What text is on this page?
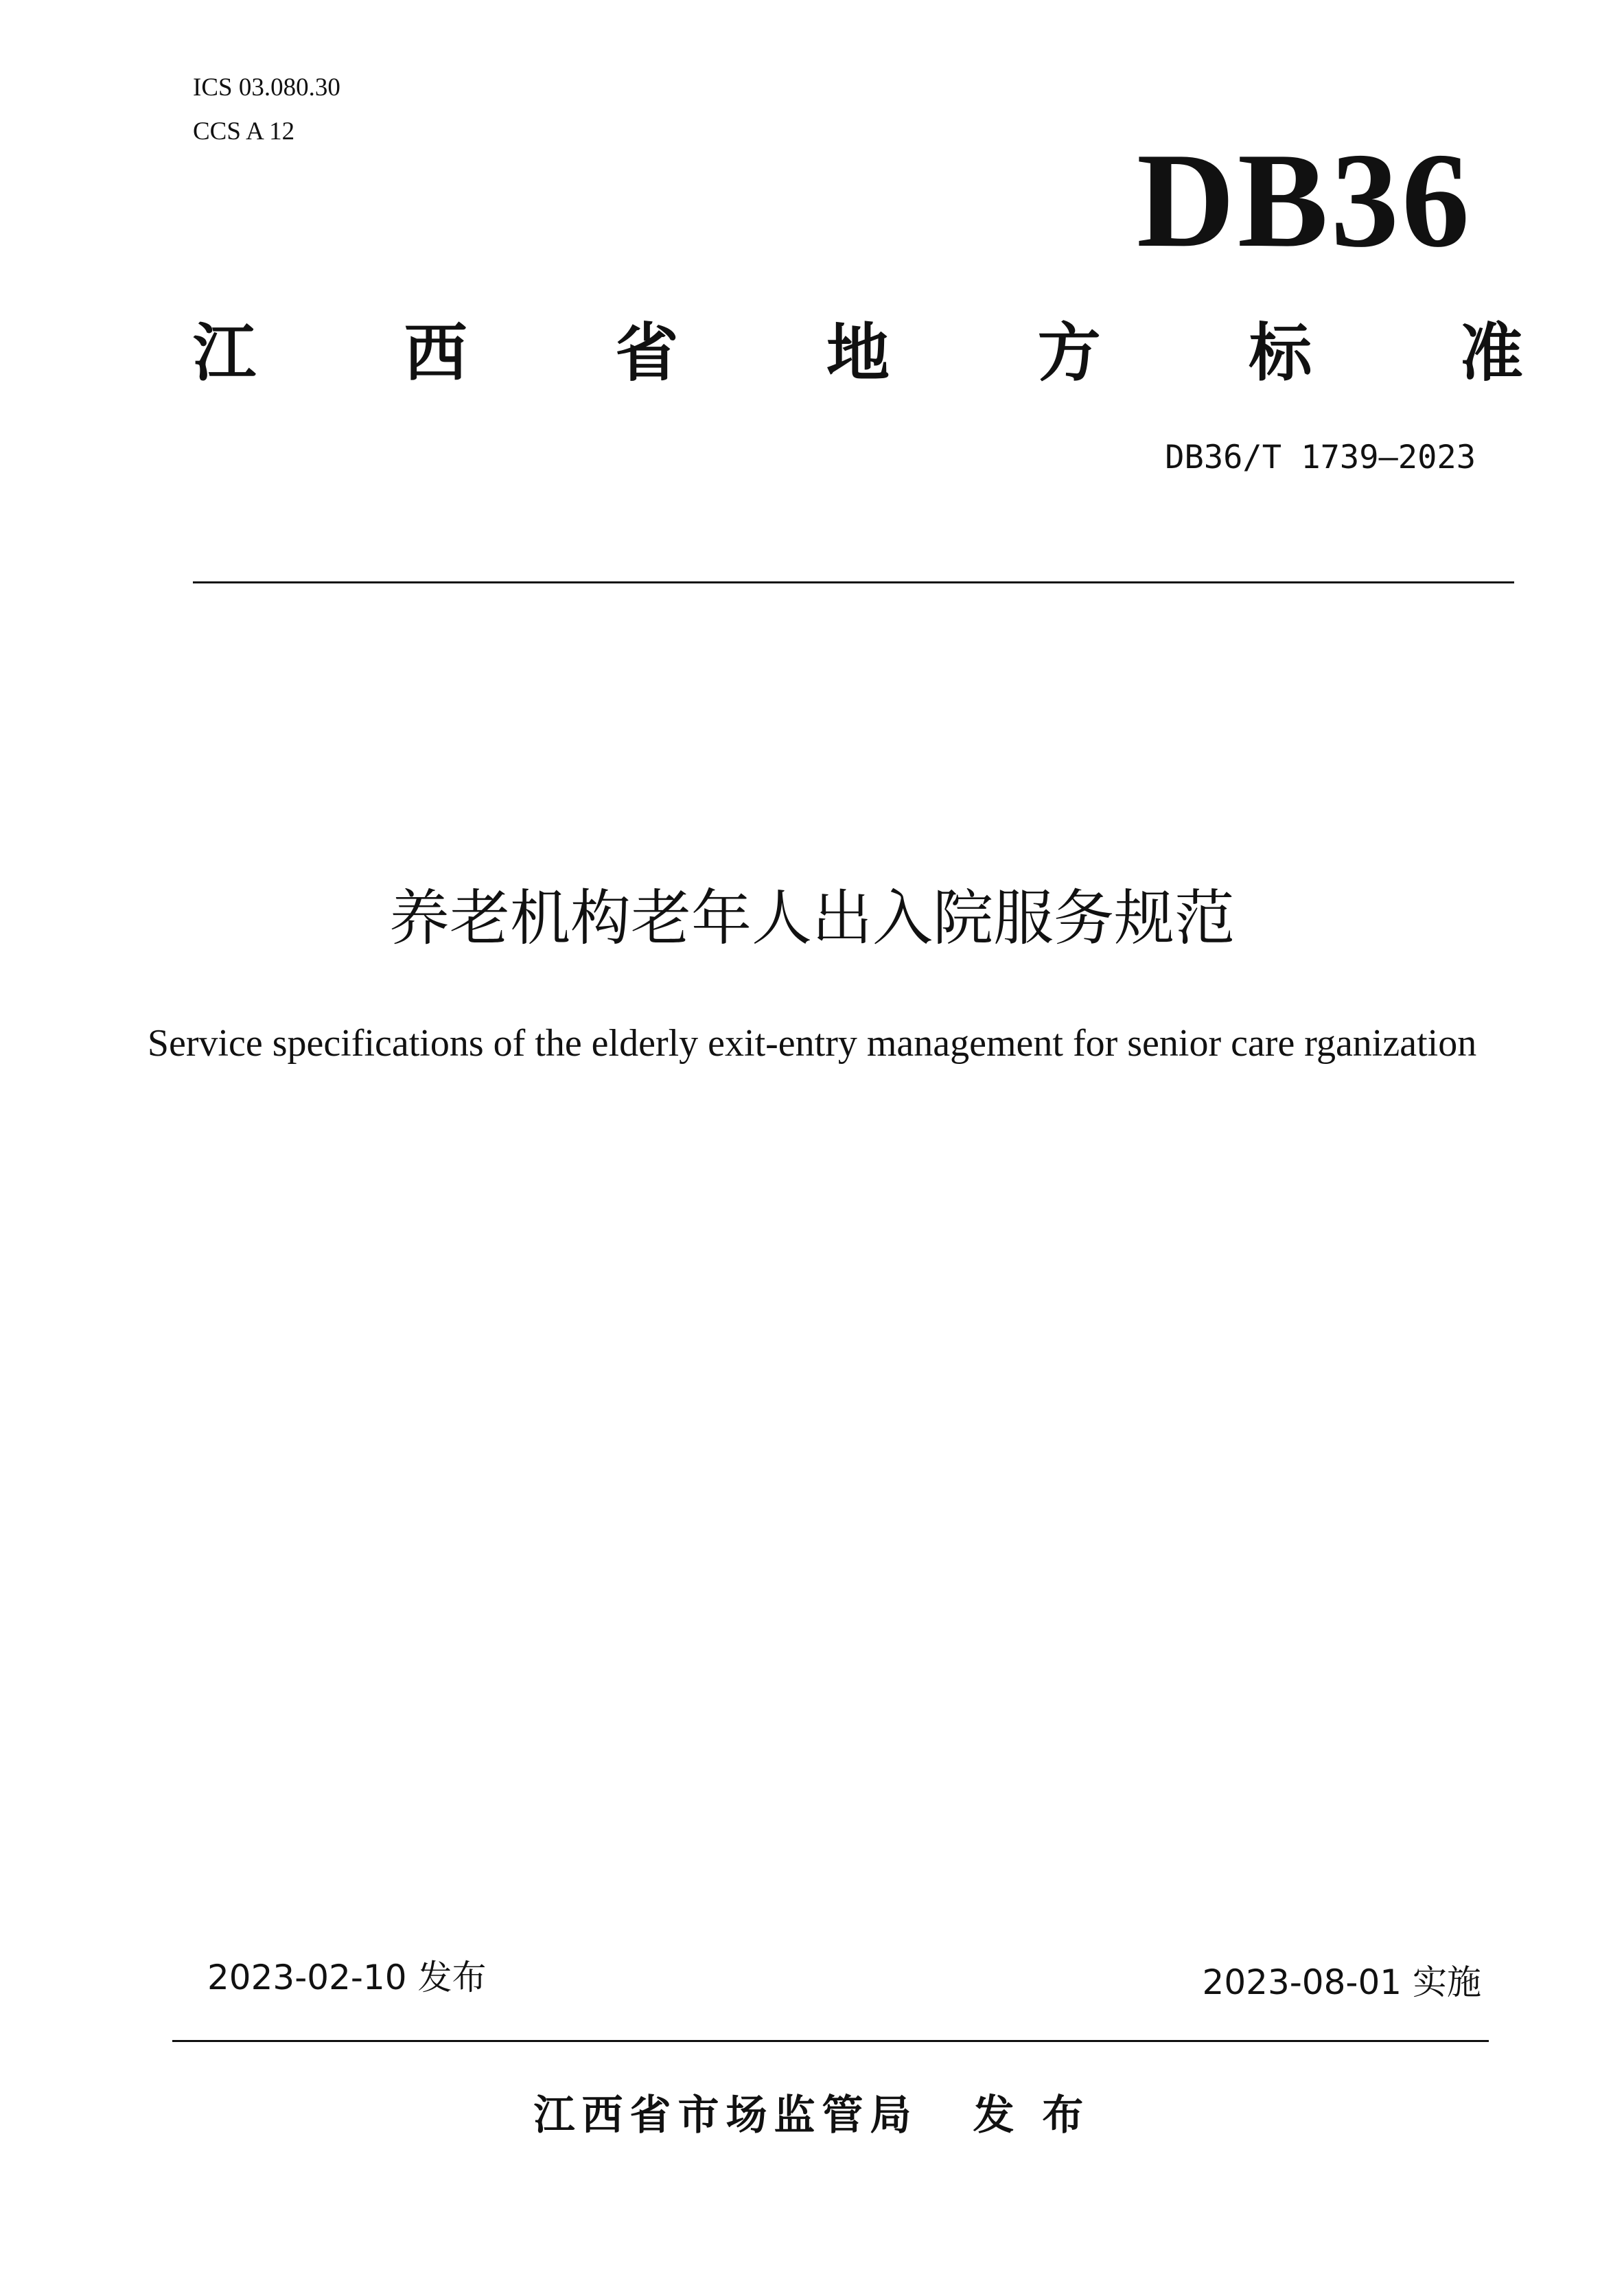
ICS 03.080.30
CCS A 12	DB36
江 西 省 地 方 标 准
DB36/T 1739—2023
养老机构老年人出入院服务规范
Service specifications of the elderly exit-entry management for senior care rganization
2023-02-10 发布	2023-08-01 实施
江西省市场监管局 发 布
